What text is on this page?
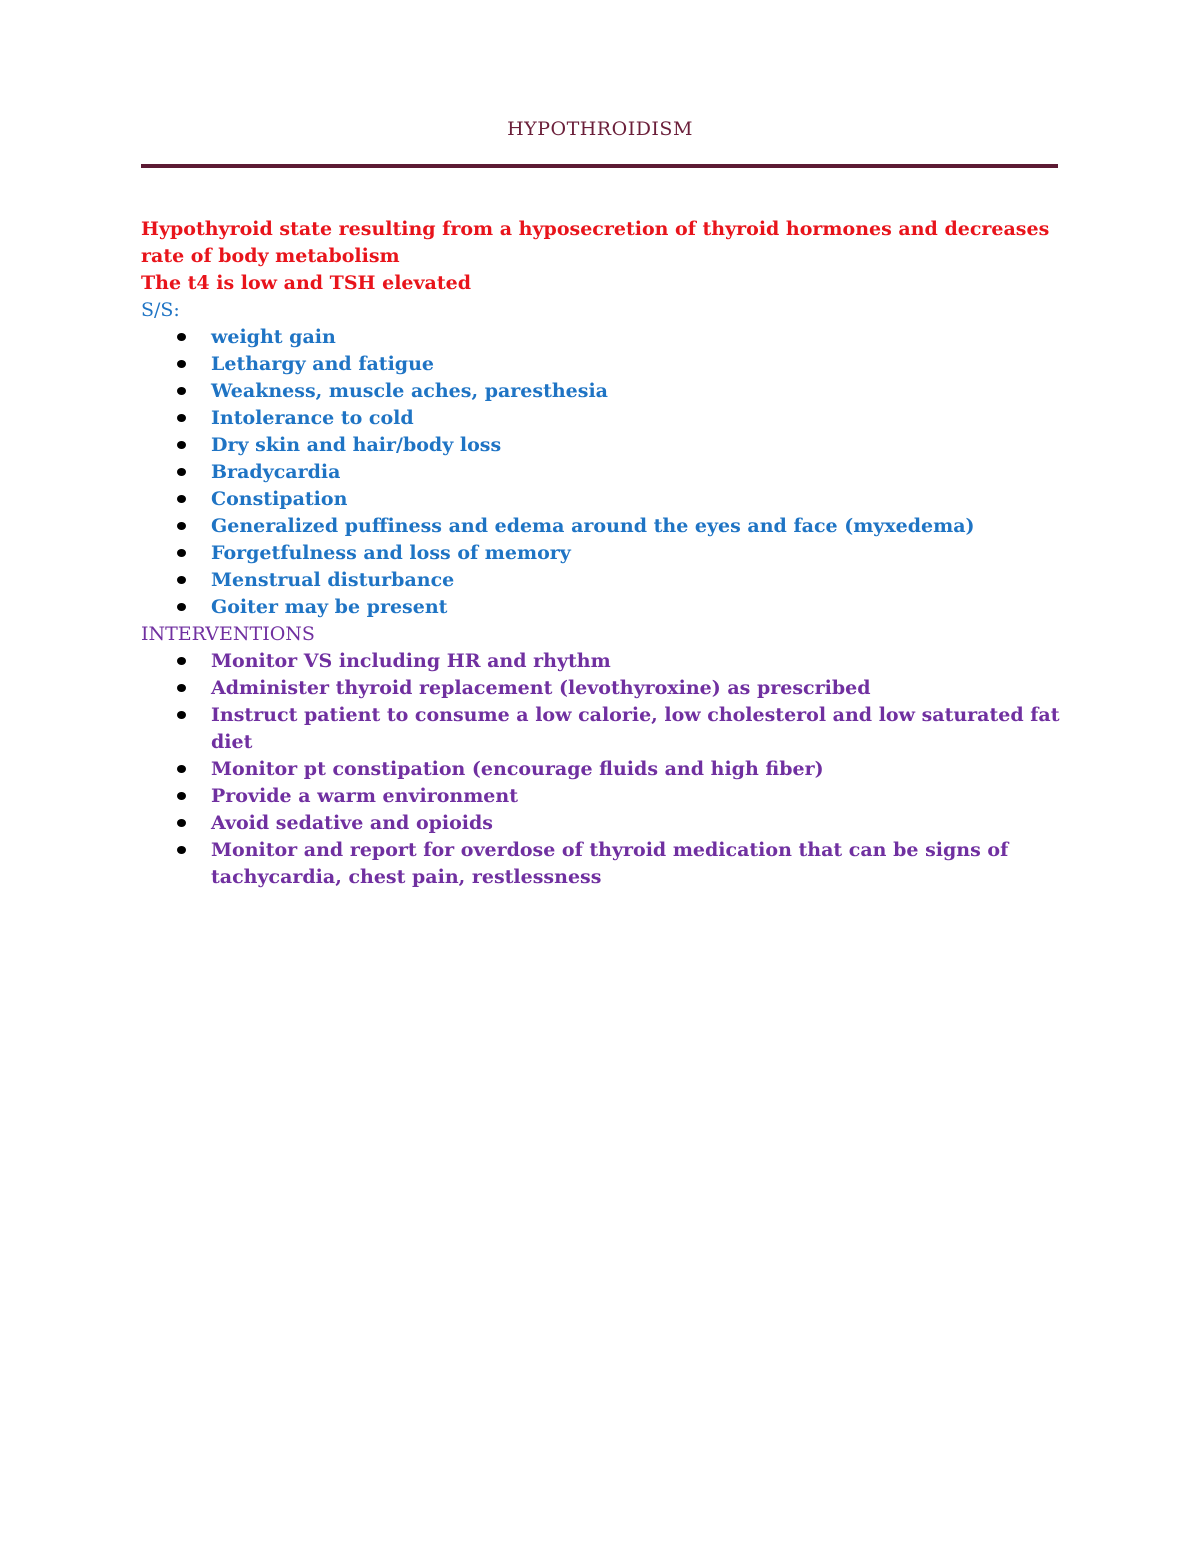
HYPOTHROIDISM
Hypothyroid state resulting from a hyposecretion of thyroid hormones and decreases rate of body metabolism
The t4 is low and TSH elevated
S/S:
weight gain
Lethargy and fatigue
Weakness, muscle aches, paresthesia
Intolerance to cold
Dry skin and hair/body loss
Bradycardia
Constipation
Generalized puffiness and edema around the eyes and face (myxedema)
Forgetfulness and loss of memory
Menstrual disturbance
Goiter may be present
INTERVENTIONS
Monitor VS including HR and rhythm
Administer thyroid replacement (levothyroxine) as prescribed
Instruct patient to consume a low calorie, low cholesterol and low saturated fat diet
Monitor pt constipation (encourage fluids and high fiber)
Provide a warm environment
Avoid sedative and opioids
Monitor and report for overdose of thyroid medication that can be signs of tachycardia, chest pain, restlessness
